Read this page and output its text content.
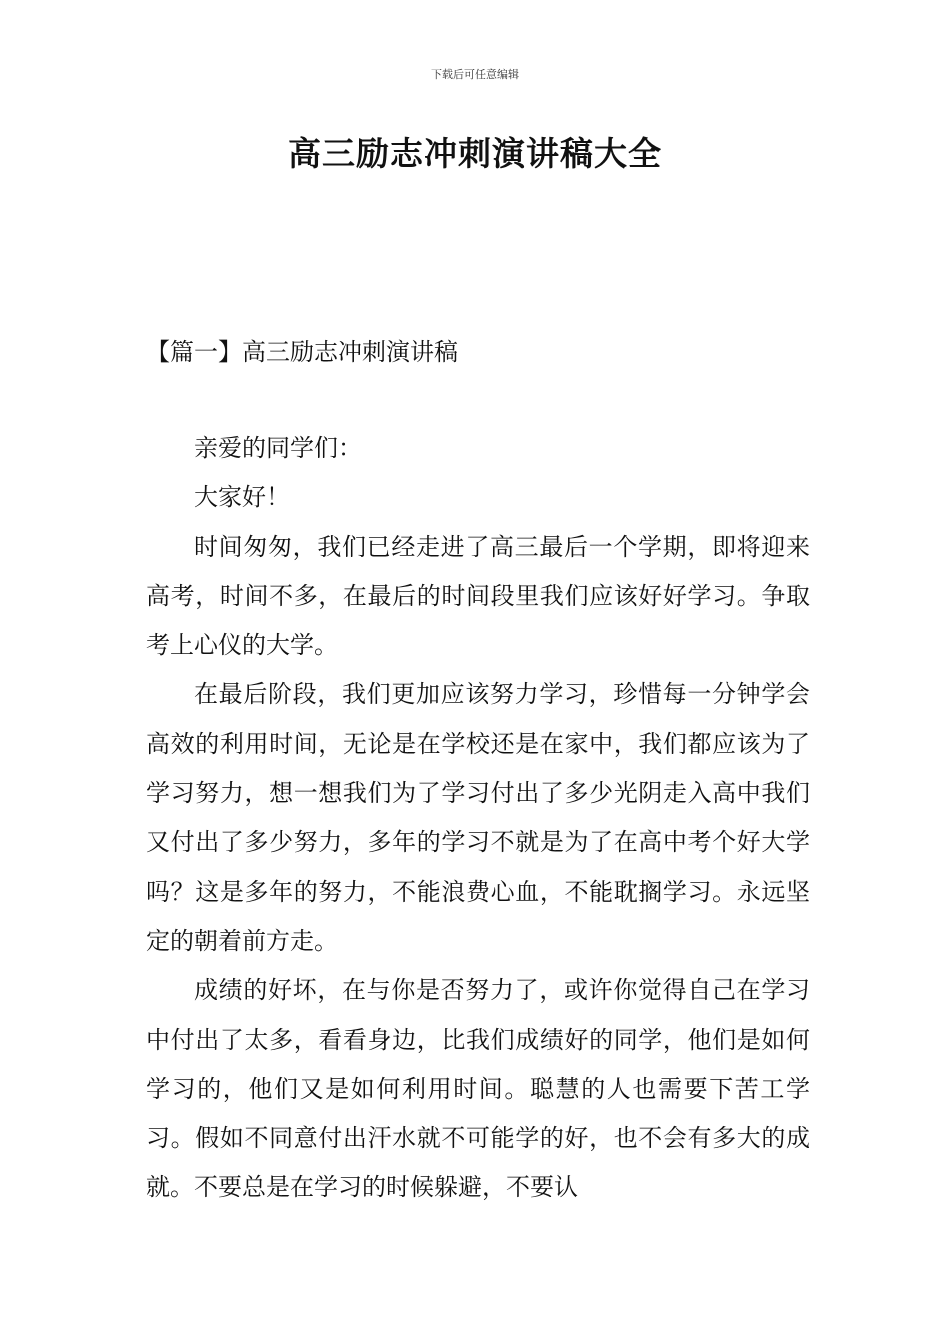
下载后可任意编辑
高三励志冲刺演讲稿大全
【篇一】高三励志冲刺演讲稿

亲爱的同学们：

大家好！

时间匆匆，我们已经走进了高三最后一个学期，即将迎来高考，时间不多，在最后的时间段里我们应该好好学习。争取考上心仪的大学。

在最后阶段，我们更加应该努力学习，珍惜每一分钟学会高效的利用时间，无论是在学校还是在家中，我们都应该为了学习努力，想一想我们为了学习付出了多少光阴走入高中我们又付出了多少努力，多年的学习不就是为了在高中考个好大学吗？这是多年的努力，不能浪费心血，不能耽搁学习。永远坚定的朝着前方走。

成绩的好坏，在与你是否努力了，或许你觉得自己在学习中付出了太多，看看身边，比我们成绩好的同学，他们是如何学习的，他们又是如何利用时间。聪慧的人也需要下苦工学习。假如不同意付出汗水就不可能学的好，也不会有多大的成就。不要总是在学习的时候躲避，不要认
